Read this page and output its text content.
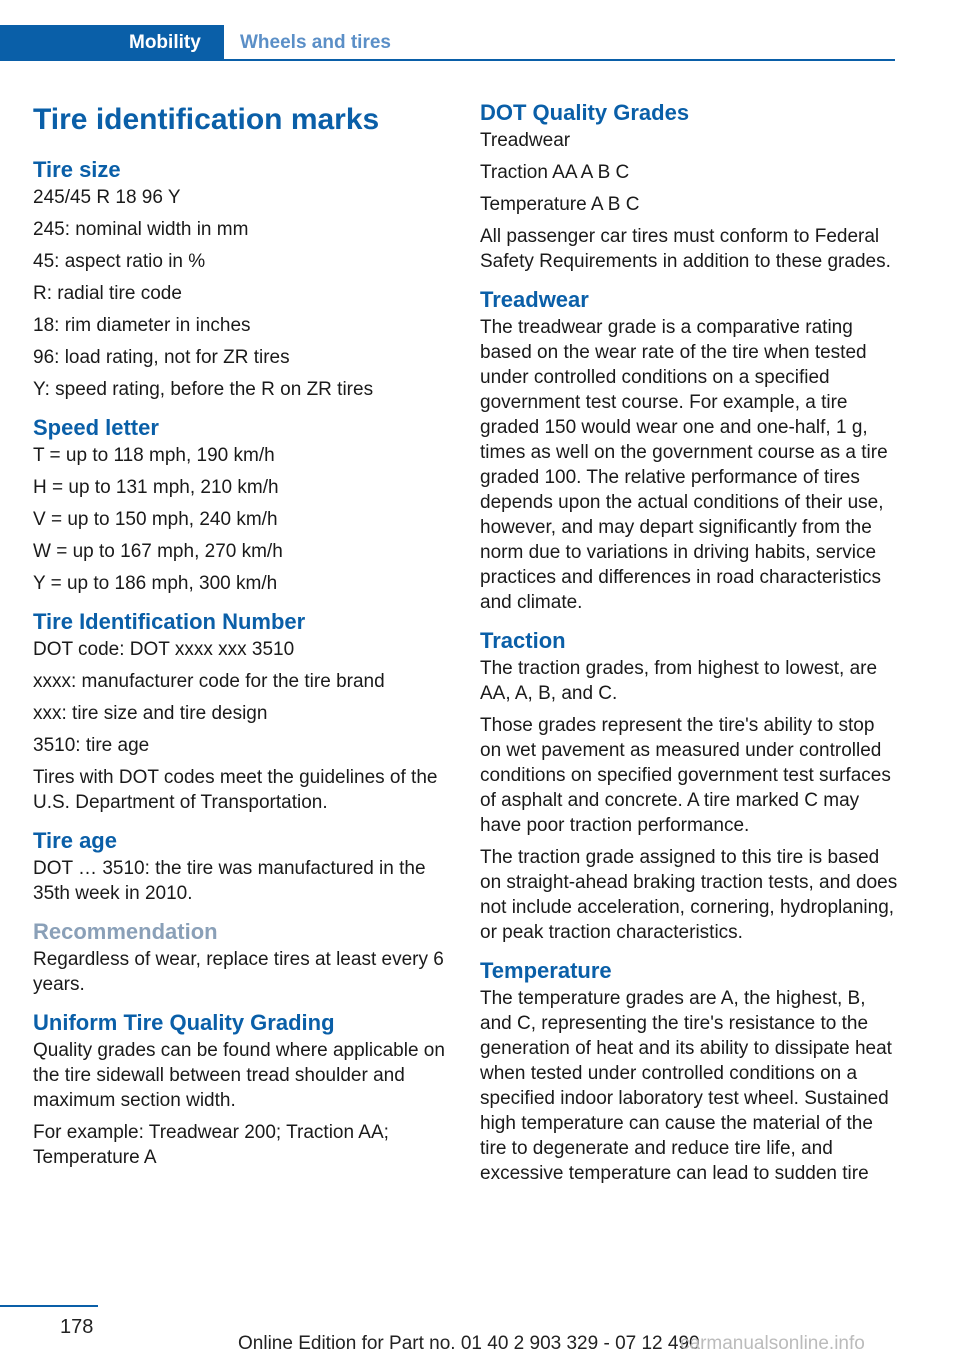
Mobility Wheels and tires
Tire identification marks
Tire size
245/45 R 18 96 Y
245: nominal width in mm
45: aspect ratio in %
R: radial tire code
18: rim diameter in inches
96: load rating, not for ZR tires
Y: speed rating, before the R on ZR tires
Speed letter
T = up to 118 mph, 190 km/h
H = up to 131 mph, 210 km/h
V = up to 150 mph, 240 km/h
W = up to 167 mph, 270 km/h
Y = up to 186 mph, 300 km/h
Tire Identification Number
DOT code: DOT xxxx xxx 3510
xxxx: manufacturer code for the tire brand
xxx: tire size and tire design
3510: tire age

Tires with DOT codes meet the guidelines of the U.S. Department of Transportation.

Tire age

DOT … 3510: the tire was manufactured in the 35th week in 2010.

Recommendation

Regardless of wear, replace tires at least every 6 years.

Uniform Tire Quality Grading

Quality grades can be found where applicable on the tire sidewall between tread shoulder and maximum section width.

For example: Treadwear 200; Traction AA; Temperature A

DOT Quality Grades
Treadwear
Traction AA A B C
Temperature A B C

All passenger car tires must conform to Federal Safety Requirements in addition to these grades.

Treadwear

The treadwear grade is a comparative rating based on the wear rate of the tire when tested under controlled conditions on a specified government test course. For example, a tire graded 150 would wear one and one-half, 1 g, times as well on the government course as a tire graded 100. The relative performance of tires depends upon the actual conditions of their use, however, and may depart significantly from the norm due to variations in driving habits, service practices and differences in road characteristics and climate.

Traction

The traction grades, from highest to lowest, are AA, A, B, and C.

Those grades represent the tire's ability to stop on wet pavement as measured under controlled conditions on specified government test surfaces of asphalt and concrete. A tire marked C may have poor traction performance.

The traction grade assigned to this tire is based on straight-ahead braking traction tests, and does not include acceleration, cornering, hydroplaning, or peak traction characteristics.

Temperature

The temperature grades are A, the highest, B, and C, representing the tire's resistance to the generation of heat and its ability to dissipate heat when tested under controlled conditions on a specified indoor laboratory test wheel. Sustained high temperature can cause the material of the tire to degenerate and reduce tire life, and excessive temperature can lead to sudden tire

178
Online Edition for Part no. 01 40 2 903 329 - 07 12 490
carmanualsonline.info
